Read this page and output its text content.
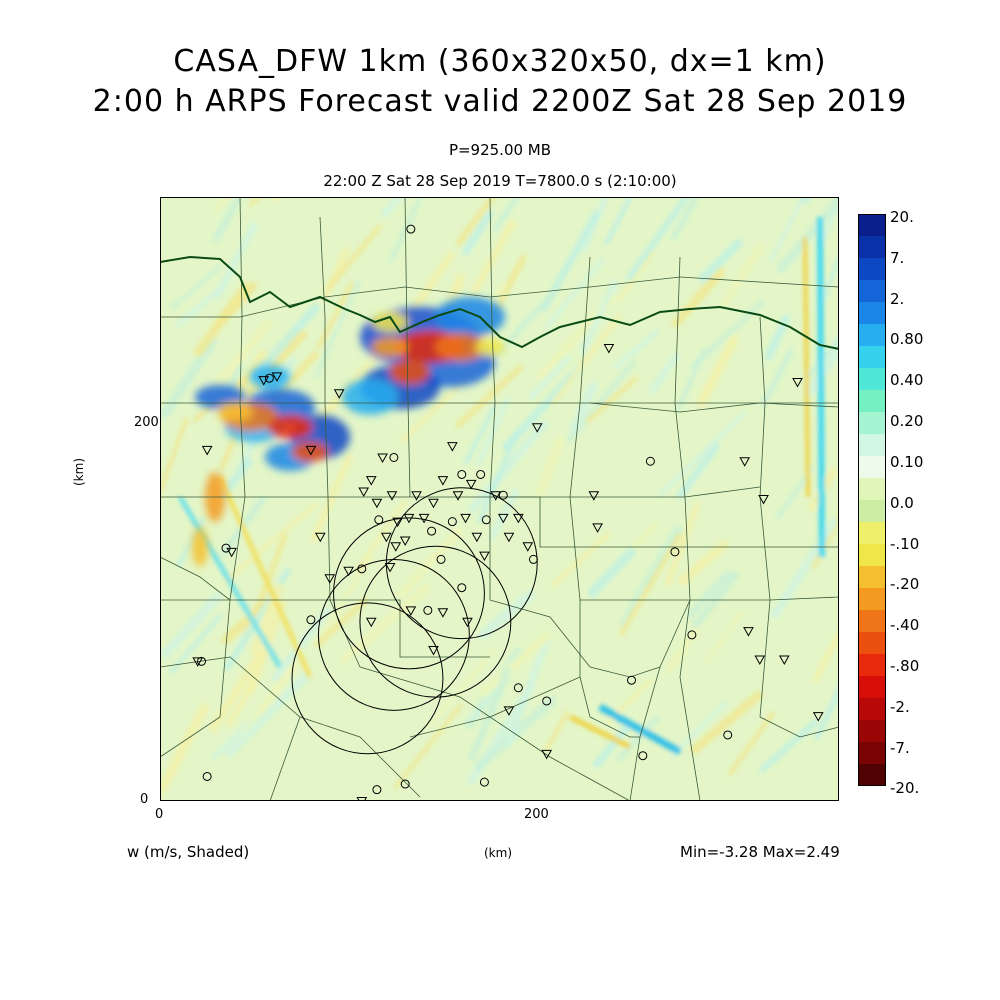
CASA_DFW 1km (360x320x50, dx=1 km)
2:00 h ARPS Forecast valid 2200Z Sat 28 Sep 2019
P=925.00 MB
22:00 Z Sat 28 Sep 2019 T=7800.0 s (2:10:00)
200
0
0	200
(km)
(km)
20.
7.
2.
0.80
0.40
0.20
0.10
0.0
-.10
-.20
-.40
-.80
-2.
-7.
-20.
w (m/s, Shaded)	Min=-3.28 Max=2.49
